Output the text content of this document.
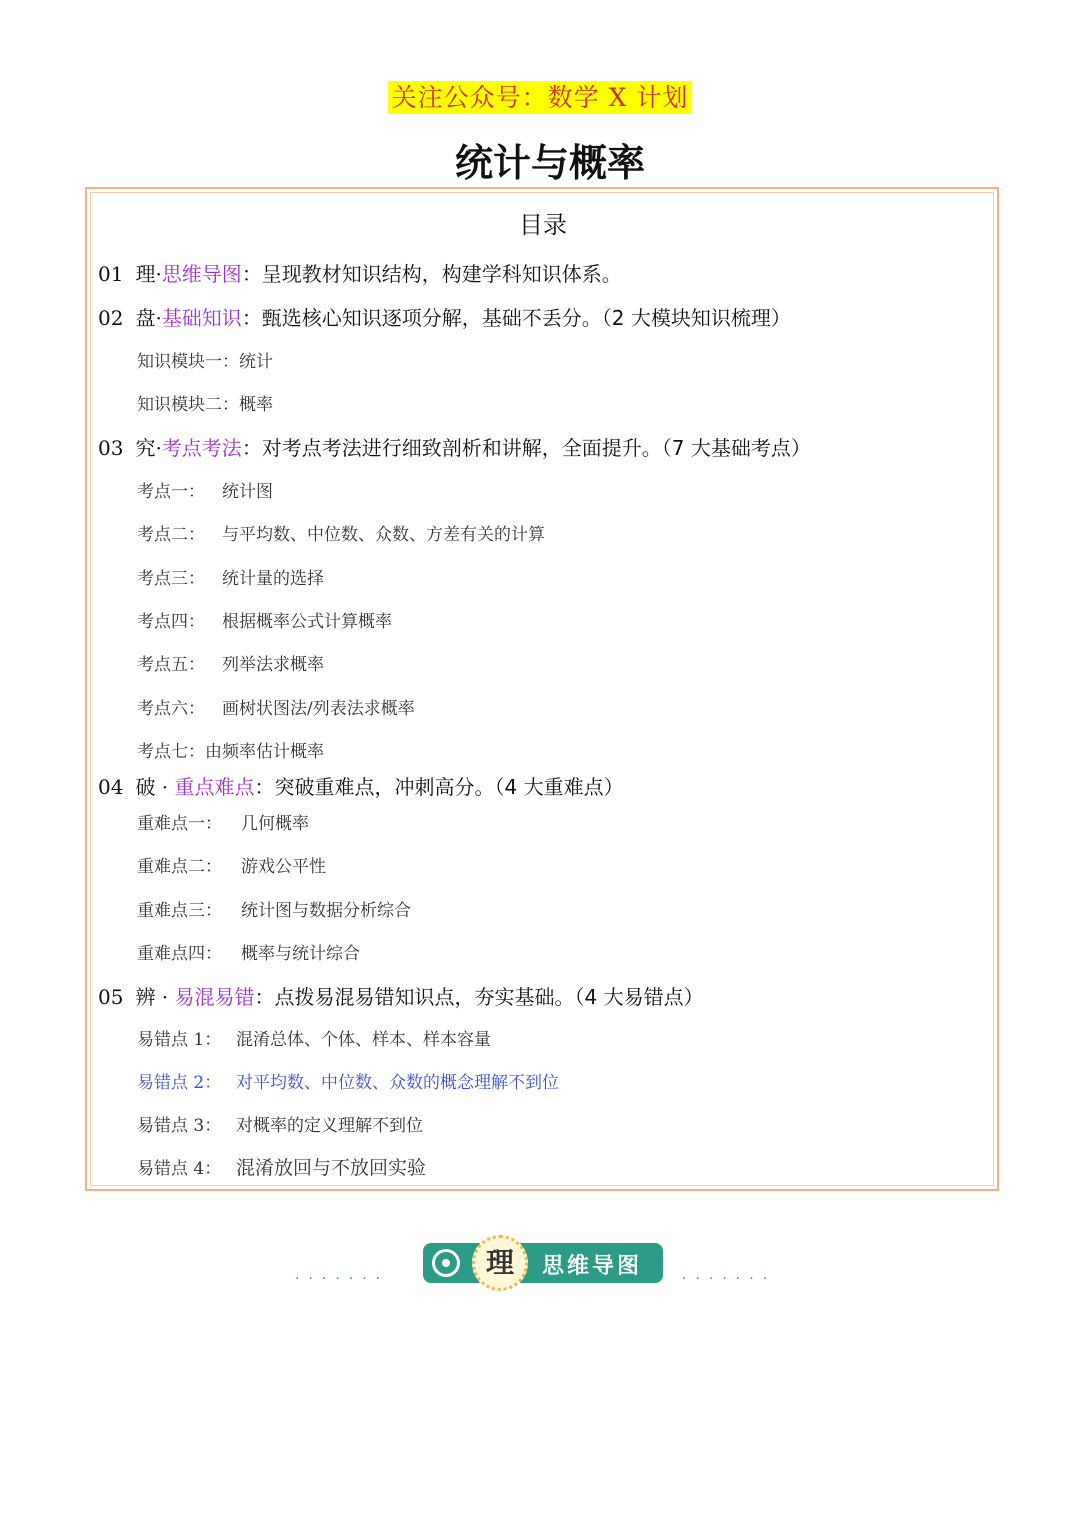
关注公众号：数学 X 计划
统计与概率
目录
01 理·思维导图：呈现教材知识结构，构建学科知识体系。
02 盘·基础知识：甄选核心知识逐项分解，基础不丢分。（2 大模块知识梳理）
知识模块一：统计
知识模块二：概率
03 究·考点考法：对考点考法进行细致剖析和讲解，全面提升。（7 大基础考点）
考点一： 统计图
考点二： 与平均数、中位数、众数、方差有关的计算
考点三： 统计量的选择
考点四： 根据概率公式计算概率
考点五： 列举法求概率
考点六： 画树状图法/列表法求概率
考点七：由频率估计概率
04 破 · 重点难点：突破重难点，冲刺高分。（4 大重难点）
重难点一： 几何概率
重难点二： 游戏公平性
重难点三： 统计图与数据分析综合
重难点四： 概率与统计综合
05 辨 · 易混易错：点拨易混易错知识点，夯实基础。（4 大易错点）
易错点 1： 混淆总体、个体、样本、样本容量
易错点 2： 对平均数、中位数、众数的概念理解不到位
易错点 3： 对概率的定义理解不到位
易错点 4： 混淆放回与不放回实验
·······	理	思维导图	·······
